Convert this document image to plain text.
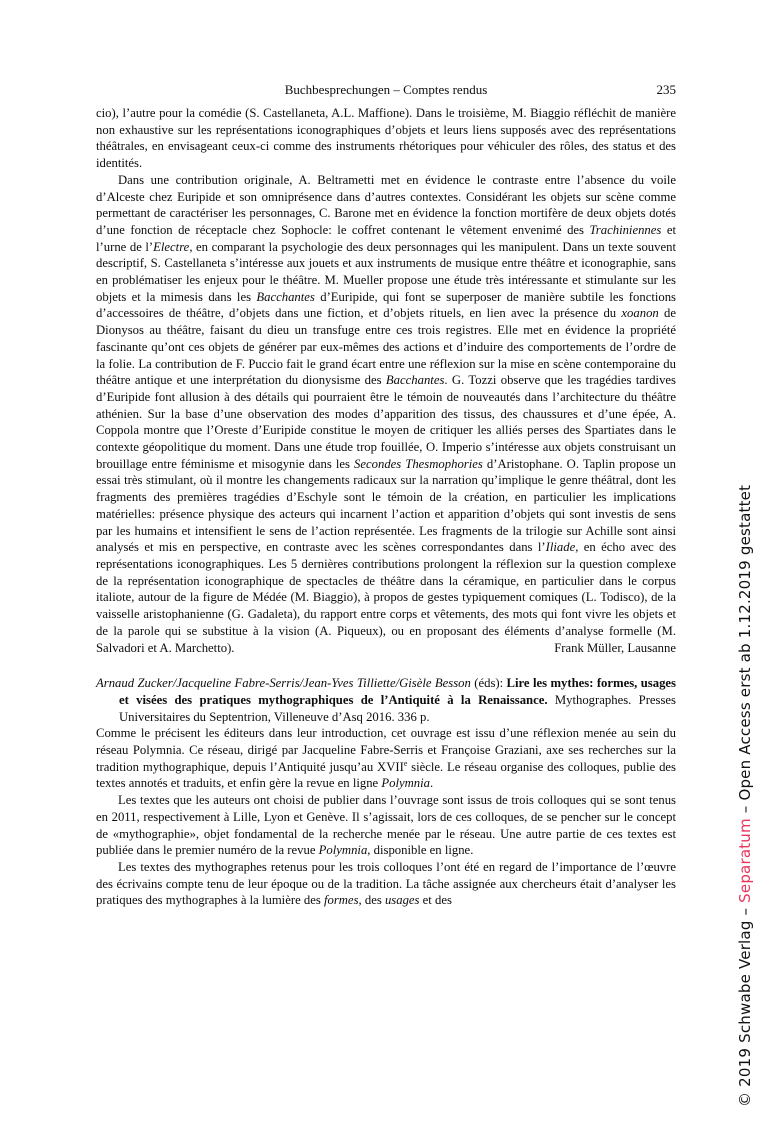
Buchbesprechungen – Comptes rendus	235

cio), l’autre pour la comédie (S. Castellaneta, A.L. Maffione). Dans le troisième, M. Biaggio réfléchit de manière non exhaustive sur les représentations iconographiques d’objets et leurs liens supposés avec des représentations théâtrales, en envisageant ceux-ci comme des instruments rhétoriques pour véhiculer des rôles, des status et des identités.

Dans une contribution originale, A. Beltrametti met en évidence le contraste entre l’absence du voile d’Alceste chez Euripide et son omniprésence dans d’autres contextes. Considérant les objets sur scène comme permettant de caractériser les personnages, C. Barone met en évidence la fonction mortifère de deux objets dotés d’une fonction de réceptacle chez Sophocle: le coffret contenant le vêtement envenimé des Trachiniennes et l’urne de l’Electre, en comparant la psychologie des deux personnages qui les manipulent. Dans un texte souvent descriptif, S. Castellaneta s’intéresse aux jouets et aux instruments de musique entre théâtre et iconographie, sans en problématiser les enjeux pour le théâtre. M. Mueller propose une étude très intéressante et stimulante sur les objets et la mimesis dans les Bacchantes d’Euripide, qui font se superposer de manière subtile les fonctions d’accessoires de théâtre, d’objets dans une fiction, et d’objets rituels, en lien avec la présence du xoanon de Dionysos au théâtre, faisant du dieu un transfuge entre ces trois registres. Elle met en évidence la propriété fascinante qu’ont ces objets de générer par eux-mêmes des actions et d’induire des comportements de l’ordre de la folie. La contribution de F. Puccio fait le grand écart entre une réflexion sur la mise en scène contemporaine du théâtre antique et une interprétation du dionysisme des Bacchantes. G. Tozzi observe que les tragédies tardives d’Euripide font allusion à des détails qui pourraient être le témoin de nouveautés dans l’architecture du théâtre athénien. Sur la base d’une observation des modes d’apparition des tissus, des chaussures et d’une épée, A. Coppola montre que l’Oreste d’Euripide constitue le moyen de critiquer les alliés perses des Spartiates dans le contexte géopolitique du moment. Dans une étude trop fouillée, O. Imperio s’intéresse aux objets construisant un brouillage entre féminisme et misogynie dans les Secondes Thesmophories d’Aristophane. O. Taplin propose un essai très stimulant, où il montre les changements radicaux sur la narration qu’implique le genre théâtral, dont les fragments des premières tragédies d’Eschyle sont le témoin de la création, en particulier les implications matérielles: présence physique des acteurs qui incarnent l’action et apparition d’objets qui sont investis de sens par les humains et intensifient le sens de l’action représentée. Les fragments de la trilogie sur Achille sont ainsi analysés et mis en perspective, en contraste avec les scènes correspondantes dans l’Iliade, en écho avec des représentations iconographiques. Les 5 dernières contributions prolongent la réflexion sur la question complexe de la représentation iconographique de spectacles de théâtre dans la céramique, en particulier dans le corpus italiote, autour de la figure de Médée (M. Biaggio), à propos de gestes typiquement comiques (L. Todisco), de la vaisselle aristophanienne (G. Gadaleta), du rapport entre corps et vêtements, des mots qui font vivre les objets et de la parole qui se substitue à la vision (A. Piqueux), ou en proposant des éléments d’analyse formelle (M. Salvadori et A. Marchetto).	Frank Müller, Lausanne

Arnaud Zucker/Jacqueline Fabre-Serris/Jean-Yves Tilliette/Gisèle Besson (éds): Lire les mythes: formes, usages et visées des pratiques mythographiques de l’Antiquité à la Renaissance. Mythographes. Presses Universitaires du Septentrion, Villeneuve d’Asq 2016. 336 p.

Comme le précisent les éditeurs dans leur introduction, cet ouvrage est issu d’une réflexion menée au sein du réseau Polymnia. Ce réseau, dirigé par Jacqueline Fabre-Serris et Françoise Graziani, axe ses recherches sur la tradition mythographique, depuis l’Antiquité jusqu’au XVIIe siècle. Le réseau organise des colloques, publie des textes annotés et traduits, et enfin gère la revue en ligne Polymnia.

Les textes que les auteurs ont choisi de publier dans l’ouvrage sont issus de trois colloques qui se sont tenus en 2011, respectivement à Lille, Lyon et Genève. Il s’agissait, lors de ces colloques, de se pencher sur le concept de «mythographie», objet fondamental de la recherche menée par le réseau. Une autre partie de ces textes est publiée dans le premier numéro de la revue Polymnia, disponible en ligne.

Les textes des mythographes retenus pour les trois colloques l’ont été en regard de l’importance de l’œuvre des écrivains compte tenu de leur époque ou de la tradition. La tâche assignée aux chercheurs était d’analyser les pratiques des mythographes à la lumière des formes, des usages et des

© 2019 Schwabe Verlag – Separatum – Open Access erst ab 1.12.2019 gestattet
